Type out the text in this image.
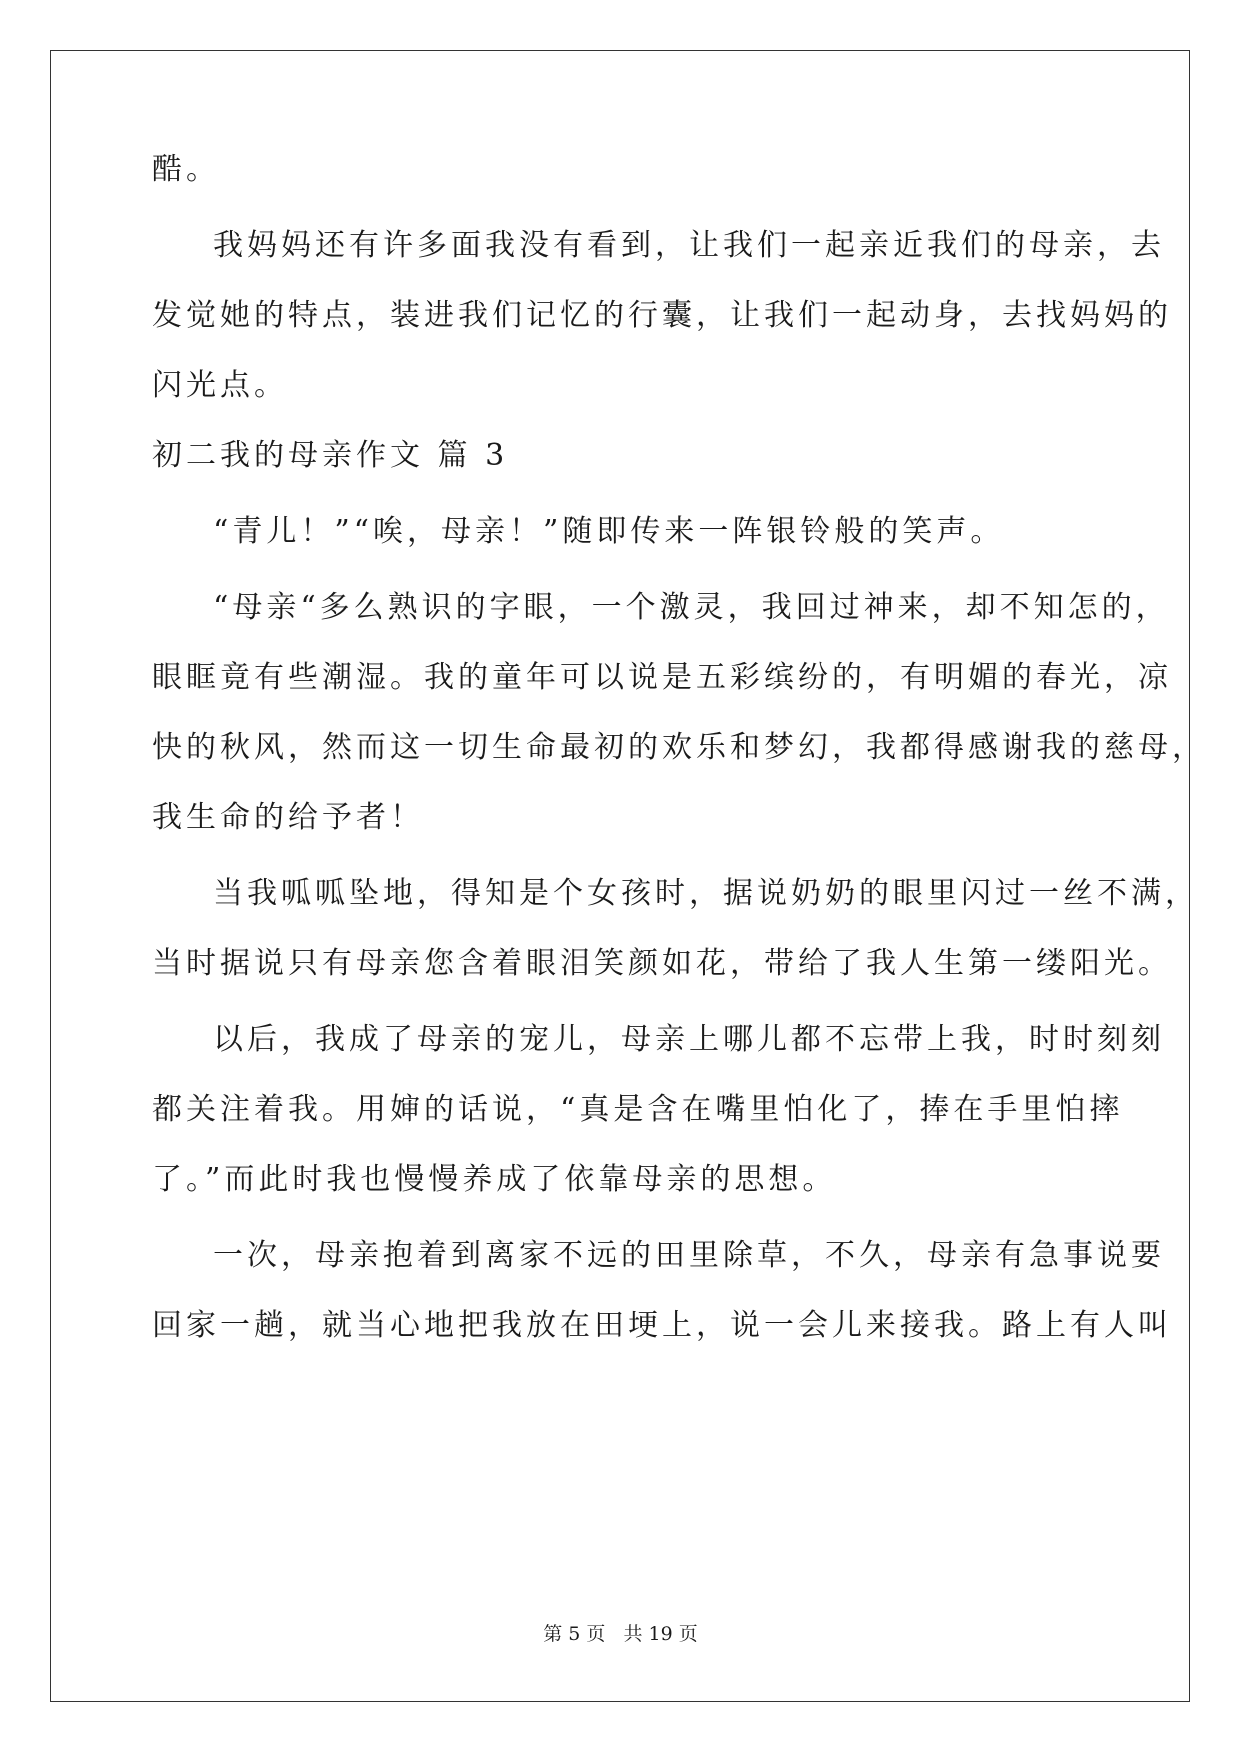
酷。

我妈妈还有许多面我没有看到，让我们一起亲近我们的母亲，去

发觉她的特点，装进我们记忆的行囊，让我们一起动身，去找妈妈的

闪光点。

初二我的母亲作文 篇 3

“青儿！”“唉，母亲！”随即传来一阵银铃般的笑声。

“母亲“多么熟识的字眼，一个激灵，我回过神来，却不知怎的，

眼眶竟有些潮湿。我的童年可以说是五彩缤纷的，有明媚的春光，凉

快的秋风，然而这一切生命最初的欢乐和梦幻，我都得感谢我的慈母，

我生命的给予者！

当我呱呱坠地，得知是个女孩时，据说奶奶的眼里闪过一丝不满，

当时据说只有母亲您含着眼泪笑颜如花，带给了我人生第一缕阳光。

以后，我成了母亲的宠儿，母亲上哪儿都不忘带上我，时时刻刻

都关注着我。用婶的话说，“真是含在嘴里怕化了，捧在手里怕摔

了。”而此时我也慢慢养成了依靠母亲的思想。

一次，母亲抱着到离家不远的田里除草，不久，母亲有急事说要

回家一趟，就当心地把我放在田埂上，说一会儿来接我。路上有人叫

第 5 页 共 19 页
